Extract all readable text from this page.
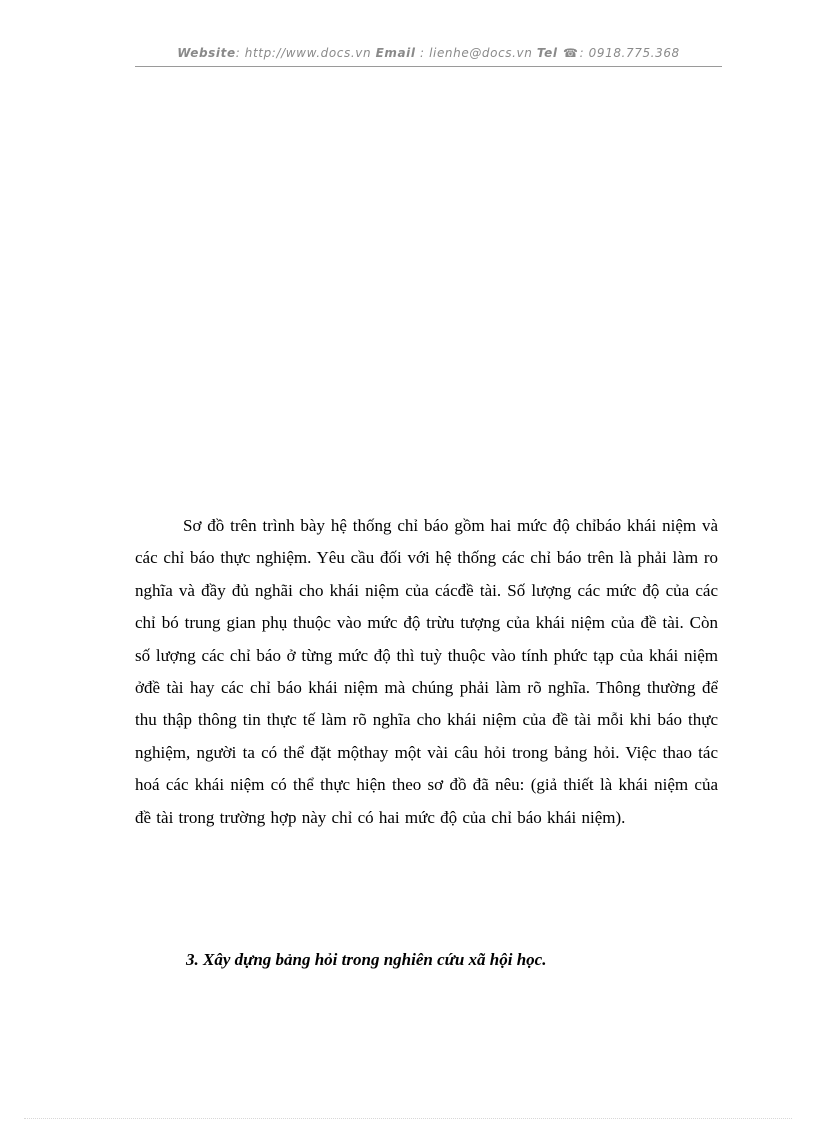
Website: http://www.docs.vn Email : lienhe@docs.vn Tel ☎: 0918.775.368

Sơ đồ trên trình bày hệ thống chỉ báo gồm hai mức độ chỉbáo khái niệm và các chỉ báo thực nghiệm. Yêu cầu đối với hệ thống các chỉ báo trên là phải làm ro nghĩa và đầy đủ nghãi cho khái niệm của cácđề tài. Số lượng các mức độ của các chỉ bó trung gian phụ thuộc vào mức độ trừu tượng của khái niệm của đề tài. Còn số lượng các chỉ báo ở từng mức độ thì tuỳ thuộc vào tính phức tạp của khái niệm ởđề tài hay các chỉ báo khái niệm mà chúng phải làm rõ nghĩa. Thông thường để thu thập thông tin thực tế làm rõ nghĩa cho khái niệm của đề tài mỗi khi báo thực nghiệm, người ta có thể đặt mộthay một vài câu hỏi trong bảng hỏi. Việc thao tác hoá các khái niệm có thể thực hiện theo sơ đồ đã nêu: (giả thiết là khái niệm của đề tài trong trường hợp này chỉ có hai mức độ của chỉ báo khái niệm).

3. Xây dựng bảng hỏi trong nghiên cứu xã hội học.
